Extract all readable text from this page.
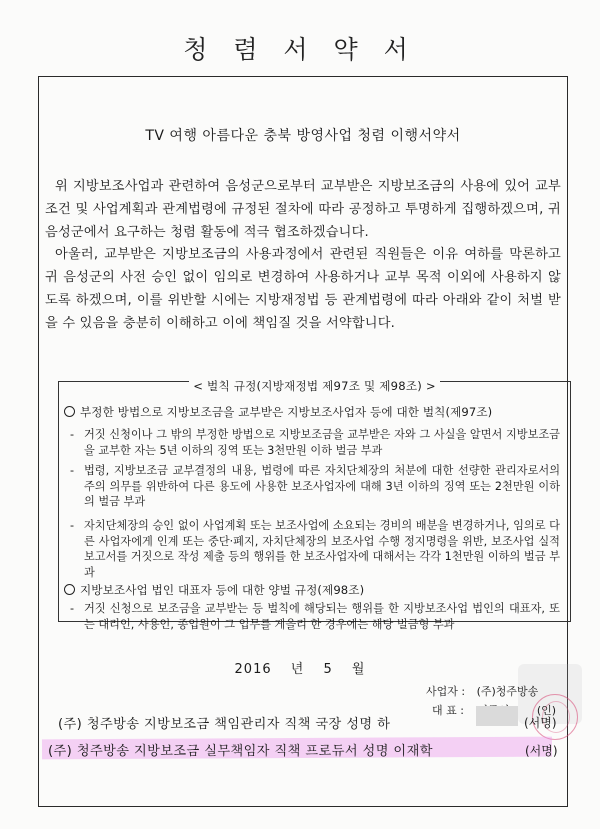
청 렴 서 약 서
TV 여행 아름다운 충북 방영사업 청렴 이행서약서
위 지방보조사업과 관련하여 음성군으로부터 교부받은 지방보조금의 사용에 있어 교부조건 및 사업계획과 관계법령에 규정된 절차에 따라 공정하고 투명하게 집행하겠으며, 귀 음성군에서 요구하는 청렴 활동에 적극 협조하겠습니다.
아울러, 교부받은 지방보조금의 사용과정에서 관련된 직원들은 이유 여하를 막론하고 귀 음성군의 사전 승인 없이 임의로 변경하여 사용하거나 교부 목적 이외에 사용하지 않도록 하겠으며, 이를 위반할 시에는 지방재정법 등 관계법령에 따라 아래와 같이 처벌 받을 수 있음을 충분히 이해하고 이에 책임질 것을 서약합니다.
< 벌칙 규정(지방재정법 제97조 및 제98조) >
부정한 방법으로 지방보조금을 교부받은 지방보조사업자 등에 대한 벌칙(제97조)
- 거짓 신청이나 그 밖의 부정한 방법으로 지방보조금을 교부받은 자와 그 사실을 알면서 지방보조금을 교부한 자는 5년 이하의 징역 또는 3천만원 이하 벌금 부과
- 법령, 지방보조금 교부결정의 내용, 법령에 따른 자치단체장의 처분에 대한 선량한 관리자로서의 주의 의무를 위반하여 다른 용도에 사용한 보조사업자에 대해 3년 이하의 징역 또는 2천만원 이하의 벌금 부과
- 자치단체장의 승인 없이 사업계획 또는 보조사업에 소요되는 경비의 배분을 변경하거나, 임의로 다른 사업자에게 인계 또는 중단·폐지, 자치단체장의 보조사업 수행 정지명령을 위반, 보조사업 실적보고서를 거짓으로 작성 제출 등의 행위를 한 보조사업자에 대해서는 각각 1천만원 이하의 벌금 부과
지방보조사업 법인 대표자 등에 대한 양벌 규정(제98조)
- 거짓 신청으로 보조금을 교부받는 등 벌칙에 해당되는 행위를 한 지방보조사업 법인의 대표자, 또는 대리인, 사용인, 종업원이 그 업무를 게을리 한 경우에는 해당 벌금형 부과
2016 년 5 월
사업자 : (주)청주방송
대 표 :	(인)
(주) 청주방송 지방보조금 책임관리자 직책 국장 성명 하	(서명)
(주) 청주방송 지방보조금 실무책임자 직책 프로듀서 성명 이재학	(서명)
